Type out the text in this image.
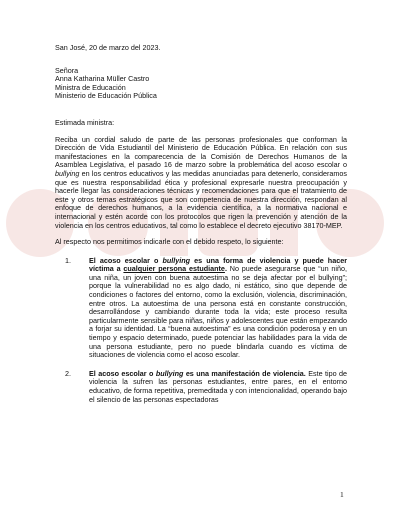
San José, 20 de marzo del 2023.

Señora

Anna Katharina Müller Castro

Ministra de Educación

Ministerio de Educación Pública

Estimada ministra:

Reciba un cordial saludo de parte de las personas profesionales que conforman la Dirección de Vida Estudiantil del Ministerio de Educación Pública. En relación con sus manifestaciones en la comparecencia de la Comisión de Derechos Humanos de la Asamblea Legislativa, el pasado 16 de marzo sobre la problemática del acoso escolar o bullying en los centros educativos y las medidas anunciadas para detenerlo, consideramos que es nuestra responsabilidad ética y profesional expresarle nuestra preocupación y hacerle llegar las consideraciones técnicas y recomendaciones para que el tratamiento de este y otros temas estratégicos que son competencia de nuestra dirección, respondan al enfoque de derechos humanos, a la evidencia científica, a la normativa nacional e internacional y estén acorde con los protocolos que rigen la prevención y atención de la violencia en los centros educativos, tal como lo establece el decreto ejecutivo 38170-MEP.

Al respecto nos permitimos indicarle con el debido respeto, lo siguiente:

1.	El acoso escolar o bullying es una forma de violencia y puede hacer víctima a cualquier persona estudiante. No puede asegurarse que “un niño, una niña, un joven con buena autoestima no se deja afectar por el bullying”; porque la vulnerabilidad no es algo dado, ni estático, sino que depende de condiciones o factores del entorno, como la exclusión, violencia, discriminación, entre otros. La autoestima de una persona está en constante construcción, desarrollándose y cambiando durante toda la vida; este proceso resulta particularmente sensible para niñas, niños y adolescentes que están empezando a forjar su identidad. La “buena autoestima” es una condición poderosa y en un tiempo y espacio determinado, puede potenciar las habilidades para la vida de una persona estudiante, pero no puede blindarla cuando es víctima de situaciones de violencia como el acoso escolar.
2.	El acoso escolar o bullying es una manifestación de violencia. Este tipo de violencia la sufren las personas estudiantes, entre pares, en el entorno educativo, de forma repetitiva, premeditada y con intencionalidad, operando bajo el silencio de las personas espectadoras
1
